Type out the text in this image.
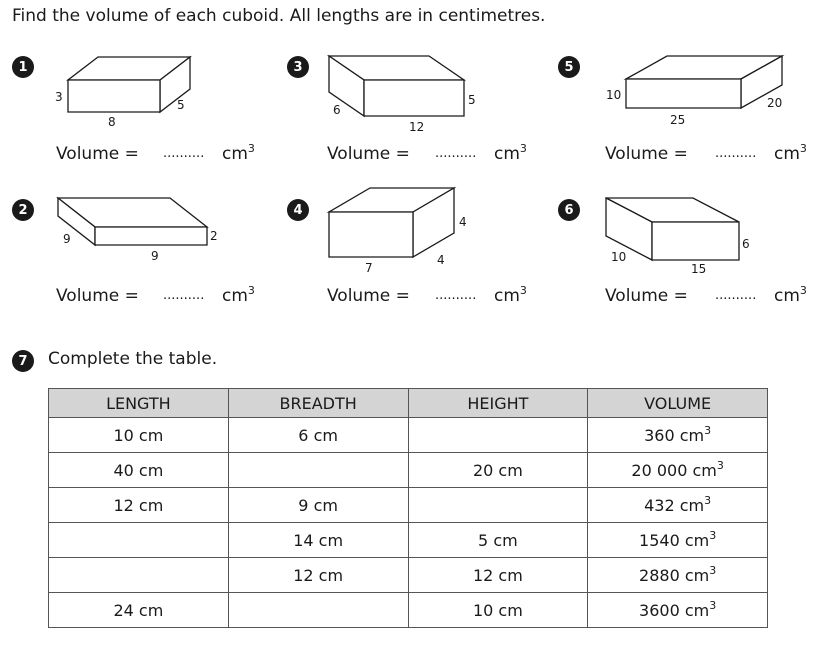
Find the volume of each cuboid. All lengths are in centimetres.
1
3
8
5
2
9
9
2
3
6
12
5
4
7
4
4
5
10
25
20
6
10
15
6
Volume = .......... $cm^3$
Volume = .......... $cm^3$
Volume = .......... $cm^3$
Volume = .......... $cm^3$
Volume = .......... $cm^3$
Volume = .......... $cm^3$
7	Complete the table.
LENGTH	BREADTH	HEIGHT	VOLUME
10 cm	6 cm		360 $cm^3$
40 cm		20 cm	20 000 $cm^3$
12 cm	9 cm		432 $cm^3$
	14 cm	5 cm	1540 $cm^3$
	12 cm	12 cm	2880 $cm^3$
24 cm		10 cm	3600 $cm^3$
